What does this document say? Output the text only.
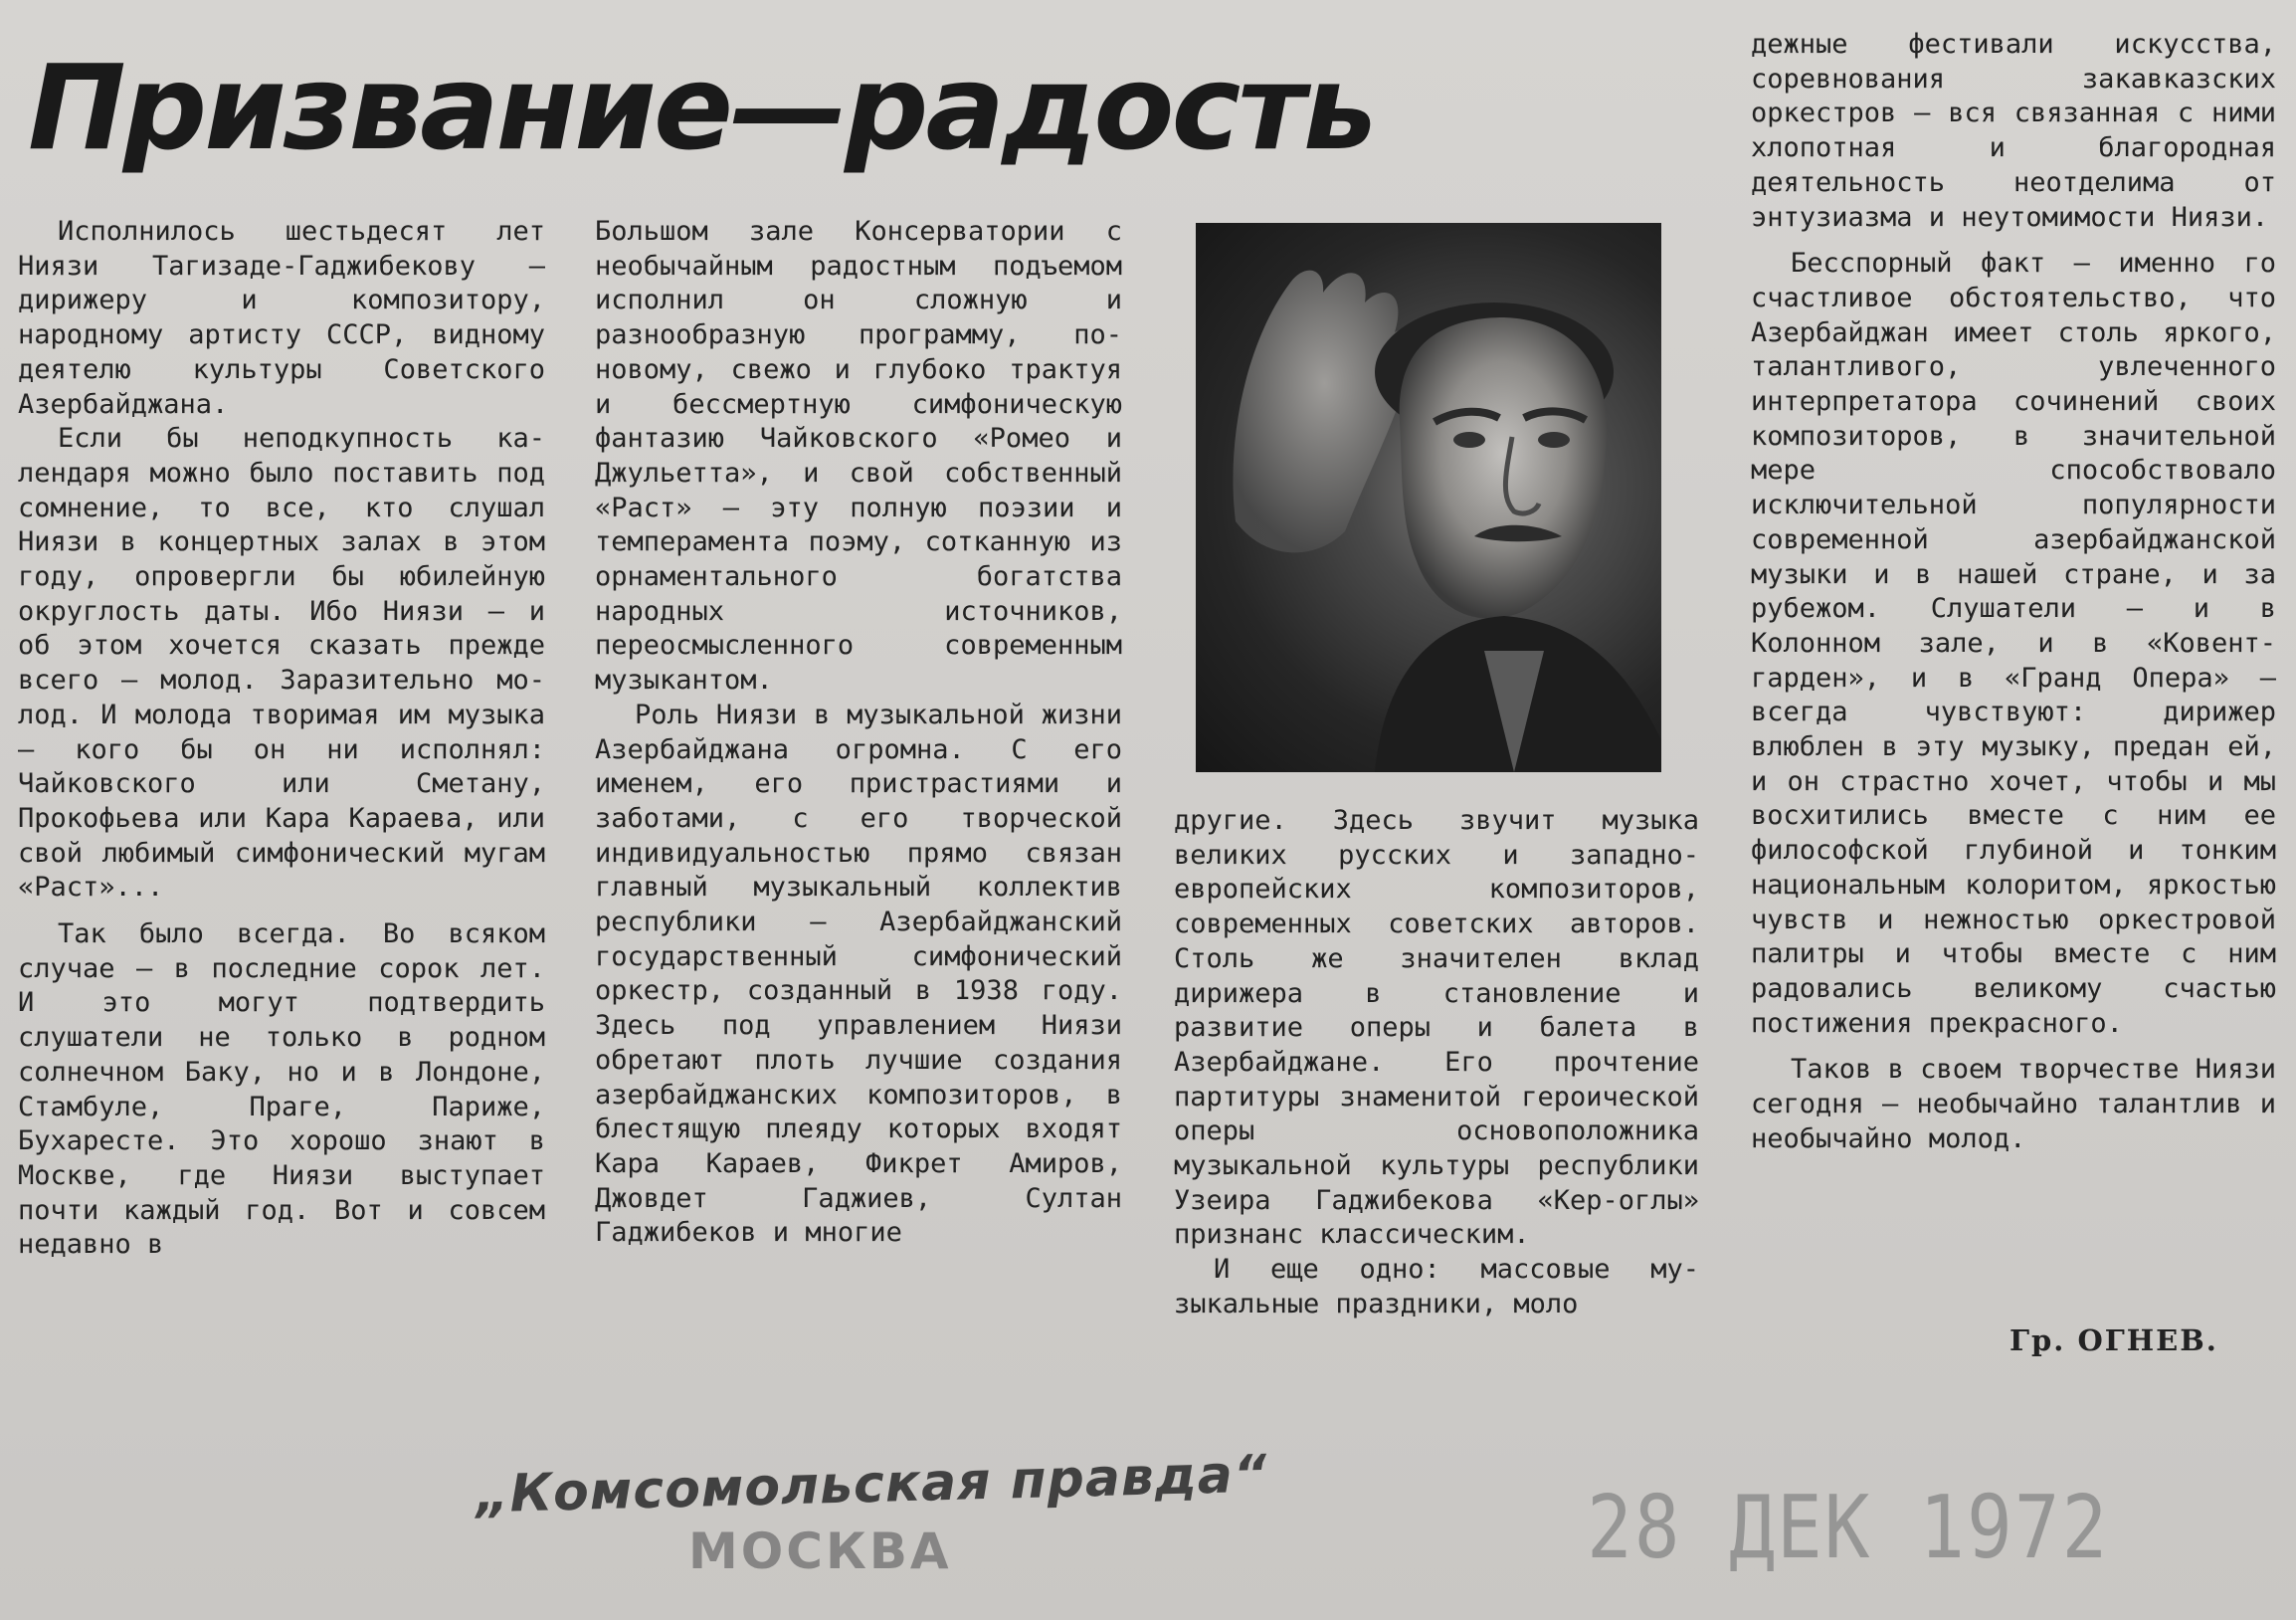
Призвание—радость

Исполнилось шестьдесят лет Ниязи Тагизаде-Гаджибекову — дирижеру и композитору, народному артисту СССР, видному деятелю культуры Советского Азербайджана.

Если бы неподкупность календаря можно было поставить под сомнение, то все, кто слушал Ниязи в концертных залах в этом году, опровергли бы юбилейную округлость даты. Ибо Ниязи — и об этом хочется сказать прежде всего — молод. Заразительно молод. И молода творимая им музыка — кого бы он ни исполнял: Чайковского или Сметану, Прокофьева или Кара Караева, или свой любимый симфонический мугам «Раст»...

Так было всегда. Во всяком случае — в последние сорок лет. И это могут подтвердить слушатели не только в родном солнечном Баку, но и в Лондоне, Стамбуле, Праге, Париже, Бухаресте. Это хорошо знают в Москве, где Ниязи выступает почти каждый год. Вот и совсем недавно в

Большом зале Консерватории с необычайным радостным подъемом исполнил он сложную и разнообразную программу, по-новому, свежо и глубоко трактуя и бессмертную симфоническую фантазию Чайковского «Ромео и Джульетта», и свой собственный «Раст» — эту полную поэзии и темперамента поэму, сотканную из орнаментального богатства народных источников, переосмысленного современным музыкантом.

Роль Ниязи в музыкальной жизни Азербайджана огромна. С его именем, его пристрастиями и заботами, с его творческой индивидуальностью прямо связан главный музыкальный коллектив республики — Азербайджанский государственный симфонический оркестр, созданный в 1938 году. Здесь под управлением Ниязи обретают плоть лучшие создания азербайджанских композиторов, в блестящую плеяду которых входят Кара Караев, Фикрет Амиров, Джовдет Гаджиев, Султан Гаджибеков и многие

другие. Здесь звучит музыка великих русских и западноевропейских композиторов, современных советских авторов. Столь же значителен вклад дирижера в становление и развитие оперы и балета в Азербайджане. Его прочтение партитуры знаменитой героической оперы основоположника музыкальной культуры республики Узеира Гаджибекова «Кер-оглы» признанс классическим.

И еще одно: массовые музыкальные праздники, моло

дежные фестивали искусства, соревнования закавказских оркестров — вся связанная с ними хлопотная и благородная деятельность неотделима от энтузиазма и неутомимости Ниязи.

Бесспорный факт — именно го счастливое обстоятельство, что Азербайджан имеет столь яркого, талантливого, увлеченного интерпретатора сочинений своих композиторов, в значительной мере способствовало исключительной популярности современной азербайджанской музыки и в нашей стране, и за рубежом. Слушатели — и в Колонном зале, и в «Ковент-гарден», и в «Гранд Опера» — всегда чувствуют: дирижер влюблен в эту музыку, предан ей, и он страстно хочет, чтобы и мы восхитились вместе с ним ее философской глубиной и тонким национальным колоритом, яркостью чувств и нежностью оркестровой палитры и чтобы вместе с ним радовались великому счастью постижения прекрасного.

Таков в своем творчестве Ниязи сегодня — необычайно талантлив и необычайно молод.

Гр. ОГНЕВ.
„Комсомольская правда“
МОСКВА	28 ДЕК 1972
